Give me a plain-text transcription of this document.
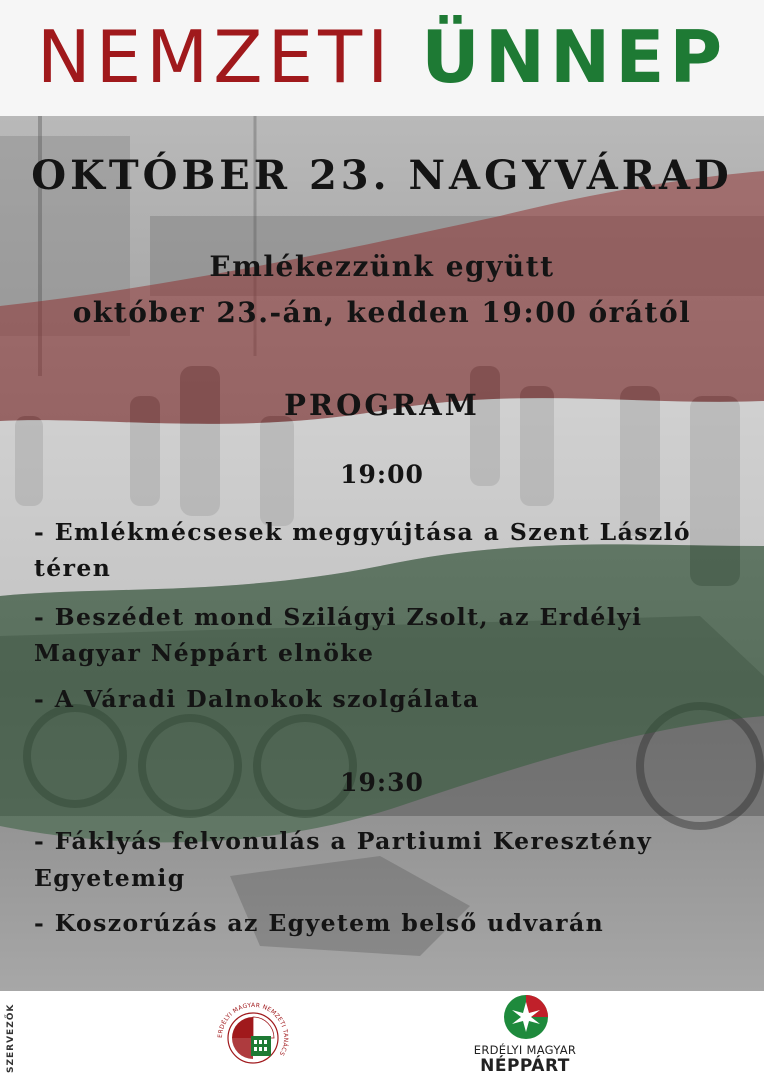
NEMZETI ÜNNEP
OKTÓBER 23. NAGYVÁRAD
Emlékezzünk együtt
október 23.-án, kedden 19:00 órától
PROGRAM
19:00
- Emlékmécsesek meggyújtása a Szent László
téren
- Beszédet mond Szilágyi Zsolt, az Erdélyi
Magyar Néppárt elnöke
- A Váradi Dalnokok szolgálata
19:30
- Fáklyás felvonulás a Partiumi Keresztény
Egyetemig
- Koszorúzás az Egyetem belső udvarán
SZERVEZŐK	ERDÉLYI MAGYAR NEMZETI TANÁCS	ERDÉLYI MAGYAR
NÉPPÁRT
